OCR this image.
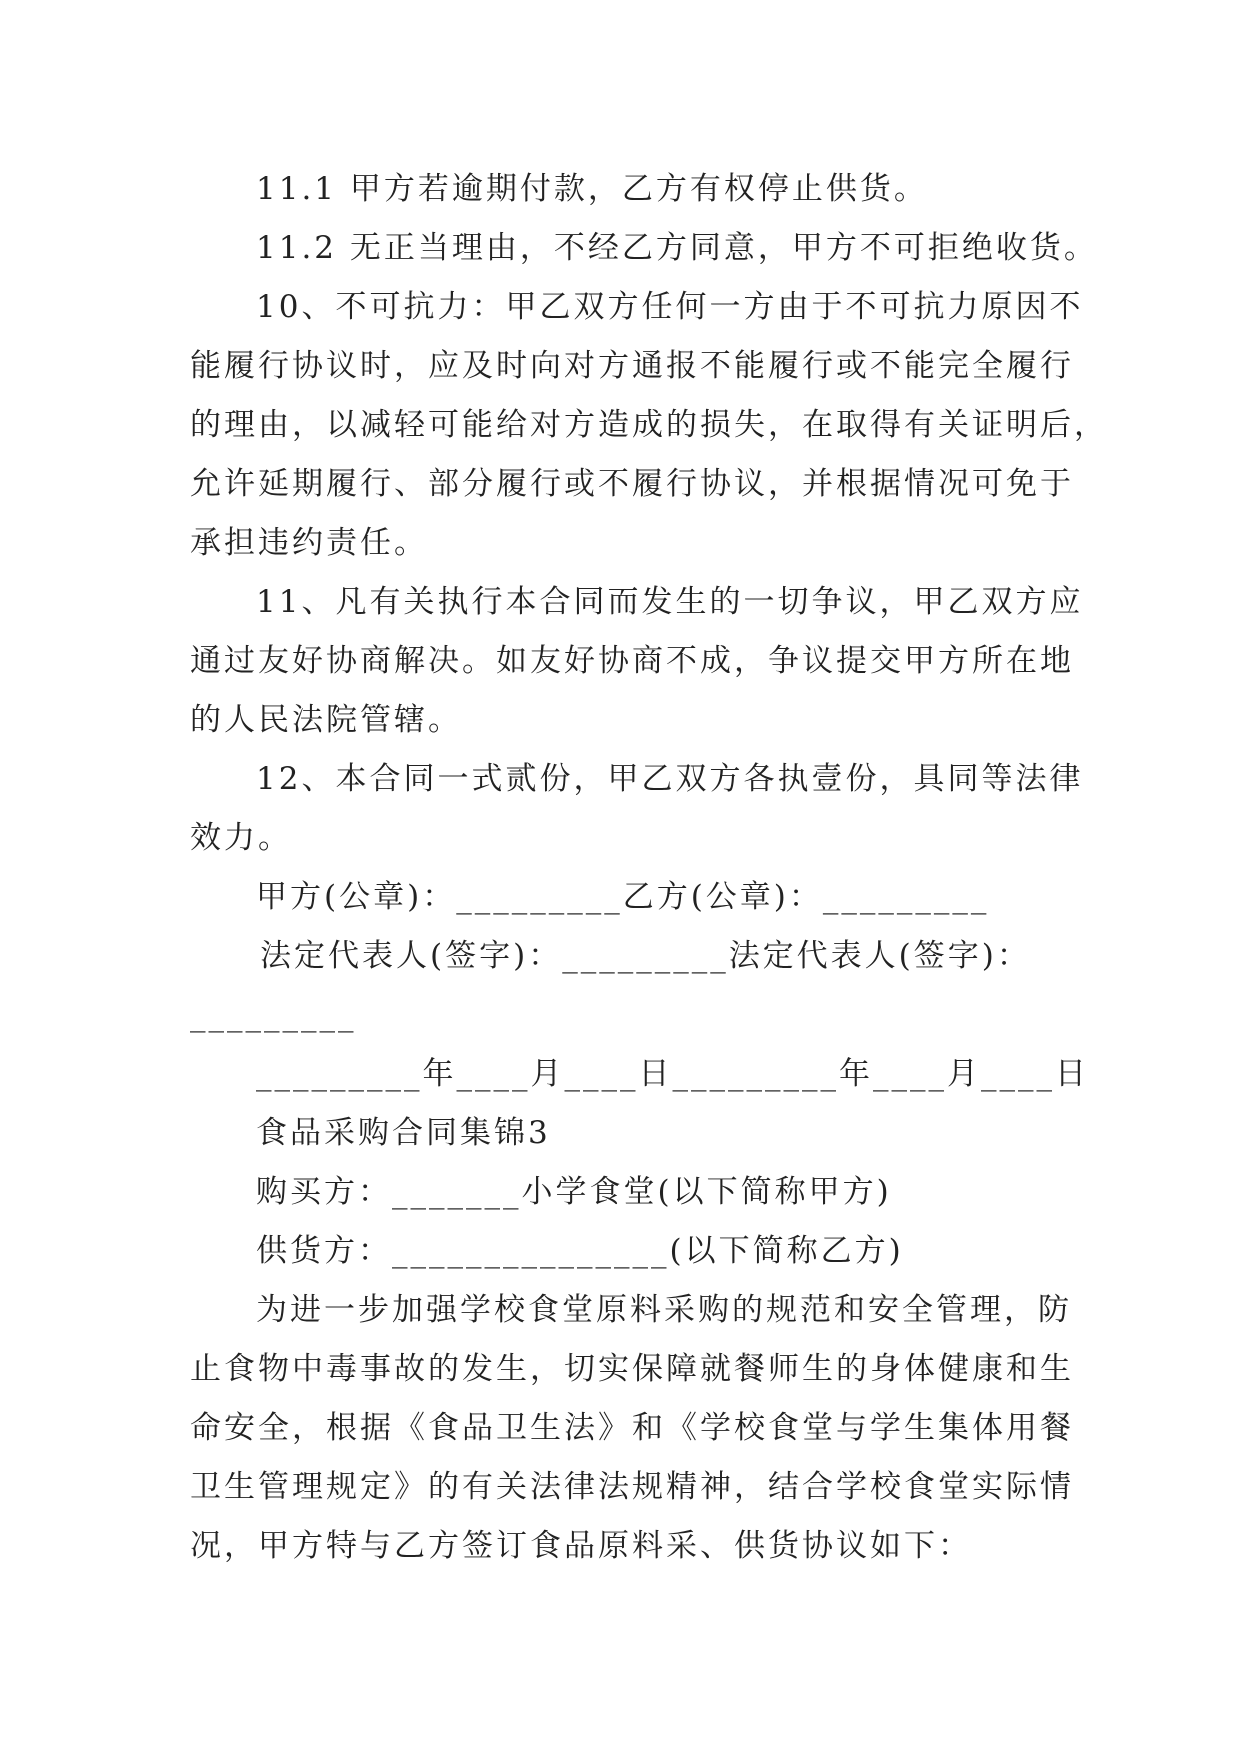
11.1 甲方若逾期付款，乙方有权停止供货。
11.2 无正当理由，不经乙方同意，甲方不可拒绝收货。
10、不可抗力：甲乙双方任何一方由于不可抗力原因不
能履行协议时，应及时向对方通报不能履行或不能完全履行
的理由，以减轻可能给对方造成的损失，在取得有关证明后，
允许延期履行、部分履行或不履行协议，并根据情况可免于
承担违约责任。
11、凡有关执行本合同而发生的一切争议，甲乙双方应
通过友好协商解决。如友好协商不成，争议提交甲方所在地
的人民法院管辖。
12、本合同一式贰份，甲乙双方各执壹份，具同等法律
效力。
甲方(公章)：_________乙方(公章)：_________
法定代表人(签字)：_________法定代表人(签字)：
_________
_________年____月____日_________年____月____日
食品采购合同集锦3
购买方：_______小学食堂(以下简称甲方)
供货方：_______________(以下简称乙方)
为进一步加强学校食堂原料采购的规范和安全管理，防
止食物中毒事故的发生，切实保障就餐师生的身体健康和生
命安全，根据《食品卫生法》和《学校食堂与学生集体用餐
卫生管理规定》的有关法律法规精神，结合学校食堂实际情
况，甲方特与乙方签订食品原料采、供货协议如下：
